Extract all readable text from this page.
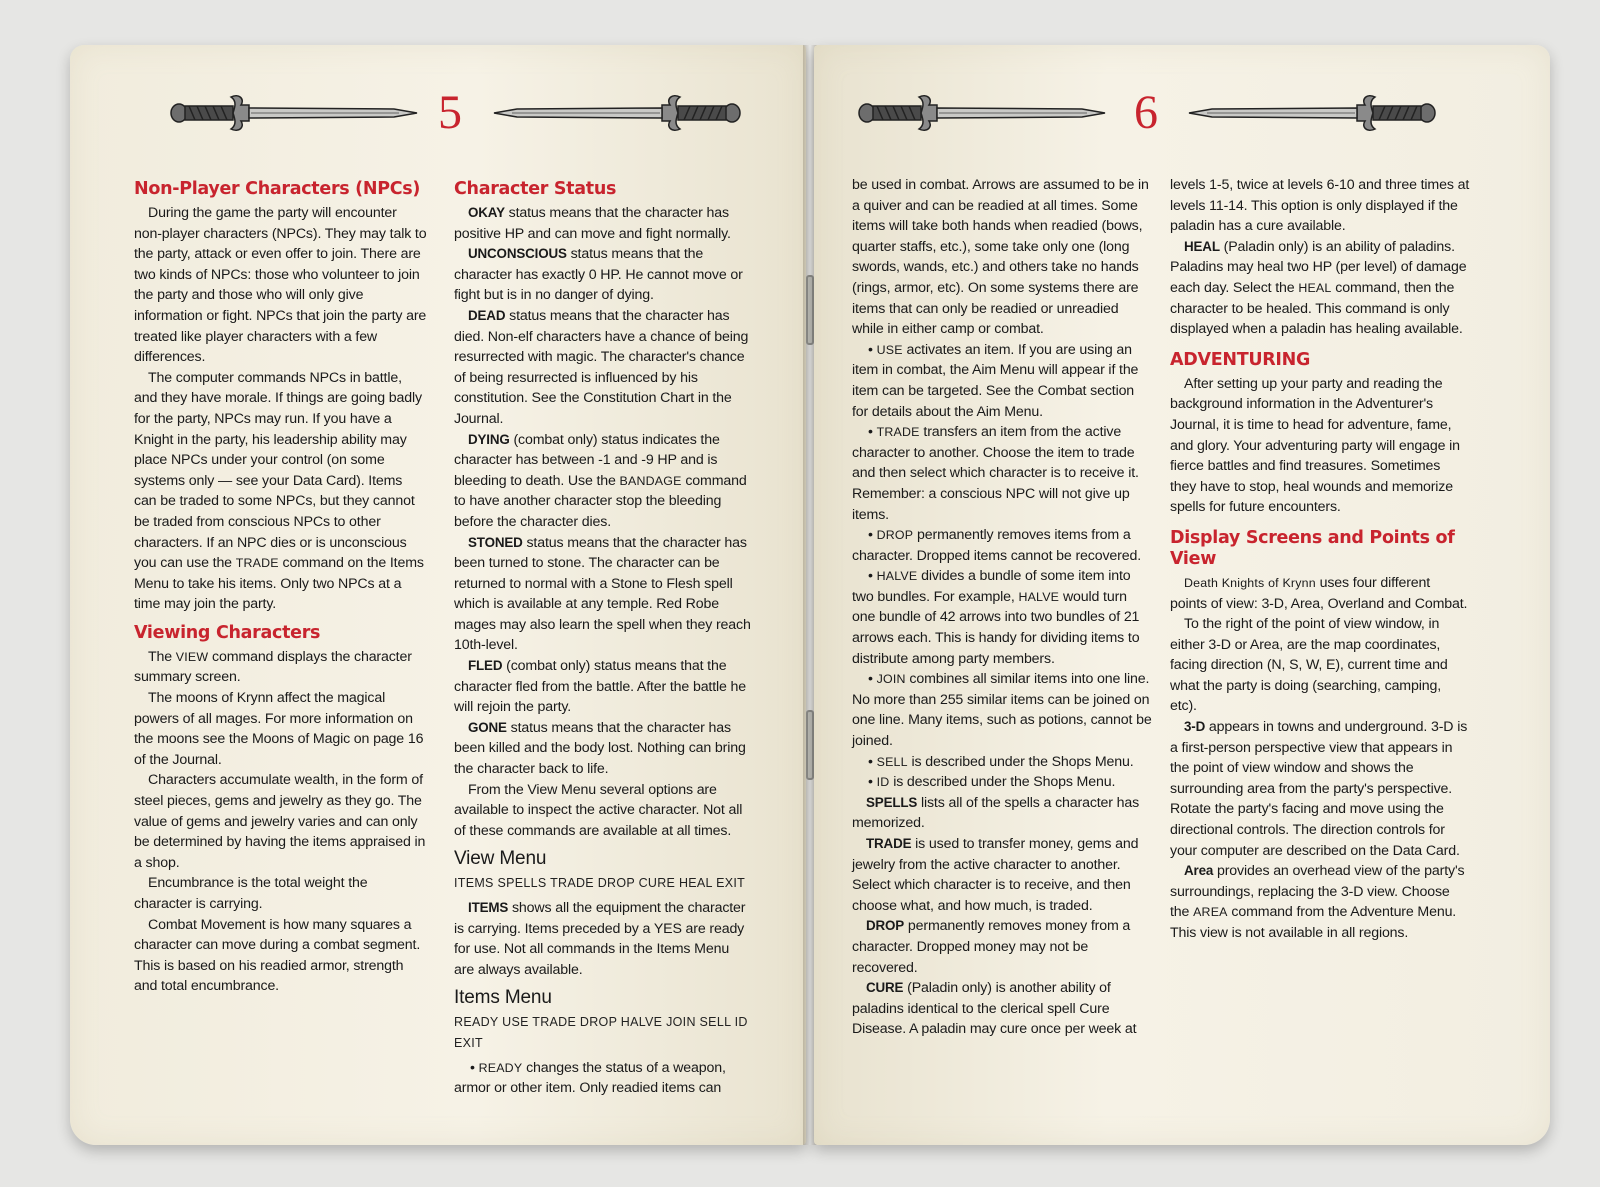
5
Non-Player Characters (NPCs)

During the game the party will encounter non-player characters (NPCs). They may talk to the party, attack or even offer to join. There are two kinds of NPCs: those who volunteer to join the party and those who will only give information or fight. NPCs that join the party are treated like player characters with a few differences.

The computer commands NPCs in battle, and they have morale. If things are going badly for the party, NPCs may run. If you have a Knight in the party, his leadership ability may place NPCs under your control (on some systems only — see your Data Card). Items can be traded to some NPCs, but they cannot be traded from conscious NPCs to other characters. If an NPC dies or is unconscious you can use the TRADE command on the Items Menu to take his items. Only two NPCs at a time may join the party.

Viewing Characters

The VIEW command displays the character summary screen.

The moons of Krynn affect the magical powers of all mages. For more information on the moons see the Moons of Magic on page 16 of the Journal.

Characters accumulate wealth, in the form of steel pieces, gems and jewelry as they go. The value of gems and jewelry varies and can only be determined by having the items appraised in a shop.

Encumbrance is the total weight the character is carrying.

Combat Movement is how many squares a character can move during a combat segment. This is based on his readied armor, strength and total encumbrance.

Character Status

OKAY status means that the character has positive HP and can move and fight normally.

UNCONSCIOUS status means that the character has exactly 0 HP. He cannot move or fight but is in no danger of dying.

DEAD status means that the character has died. Non-elf characters have a chance of being resurrected with magic. The character's chance of being resurrected is influenced by his constitution. See the Constitution Chart in the Journal.

DYING (combat only) status indicates the character has between -1 and -9 HP and is bleeding to death. Use the BANDAGE command to have another character stop the bleeding before the character dies.

STONED status means that the character has been turned to stone. The character can be returned to normal with a Stone to Flesh spell which is available at any temple. Red Robe mages may also learn the spell when they reach 10th-level.

FLED (combat only) status means that the character fled from the battle. After the battle he will rejoin the party.

GONE status means that the character has been killed and the body lost. Nothing can bring the character back to life.

From the View Menu several options are available to inspect the active character. Not all of these commands are available at all times.

View Menu
ITEMS SPELLS TRADE DROP CURE HEAL EXIT

ITEMS shows all the equipment the character is carrying. Items preceded by a YES are ready for use. Not all commands in the Items Menu are always available.

Items Menu
READY USE TRADE DROP HALVE JOIN SELL ID EXIT

• READY changes the status of a weapon, armor or other item. Only readied items can

6

be used in combat. Arrows are assumed to be in a quiver and can be readied at all times. Some items will take both hands when readied (bows, quarter staffs, etc.), some take only one (long swords, wands, etc.) and others take no hands (rings, armor, etc). On some systems there are items that can only be readied or unreadied while in either camp or combat.

• USE activates an item. If you are using an item in combat, the Aim Menu will appear if the item can be targeted. See the Combat section for details about the Aim Menu.

• TRADE transfers an item from the active character to another. Choose the item to trade and then select which character is to receive it. Remember: a conscious NPC will not give up items.

• DROP permanently removes items from a character. Dropped items cannot be recovered.

• HALVE divides a bundle of some item into two bundles. For example, HALVE would turn one bundle of 42 arrows into two bundles of 21 arrows each. This is handy for dividing items to distribute among party members.

• JOIN combines all similar items into one line. No more than 255 similar items can be joined on one line. Many items, such as potions, cannot be joined.

• SELL is described under the Shops Menu.

• ID is described under the Shops Menu.

SPELLS lists all of the spells a character has memorized.

TRADE is used to transfer money, gems and jewelry from the active character to another. Select which character is to receive, and then choose what, and how much, is traded.

DROP permanently removes money from a character. Dropped money may not be recovered.

CURE (Paladin only) is another ability of paladins identical to the clerical spell Cure Disease. A paladin may cure once per week at

levels 1-5, twice at levels 6-10 and three times at levels 11-14. This option is only displayed if the paladin has a cure available.

HEAL (Paladin only) is an ability of paladins. Paladins may heal two HP (per level) of damage each day. Select the HEAL command, then the character to be healed. This command is only displayed when a paladin has healing available.

ADVENTURING

After setting up your party and reading the background information in the Adventurer's Journal, it is time to head for adventure, fame, and glory. Your adventuring party will engage in fierce battles and find treasures. Sometimes they have to stop, heal wounds and memorize spells for future encounters.

Display Screens and Points of View

Death Knights of Krynn uses four different points of view: 3-D, Area, Overland and Combat.

To the right of the point of view window, in either 3-D or Area, are the map coordinates, facing direction (N, S, W, E), current time and what the party is doing (searching, camping, etc).

3-D appears in towns and underground. 3-D is a first-person perspective view that appears in the point of view window and shows the surrounding area from the party's perspective. Rotate the party's facing and move using the directional controls. The direction controls for your computer are described on the Data Card.

Area provides an overhead view of the party's surroundings, replacing the 3-D view. Choose the AREA command from the Adventure Menu. This view is not available in all regions.
